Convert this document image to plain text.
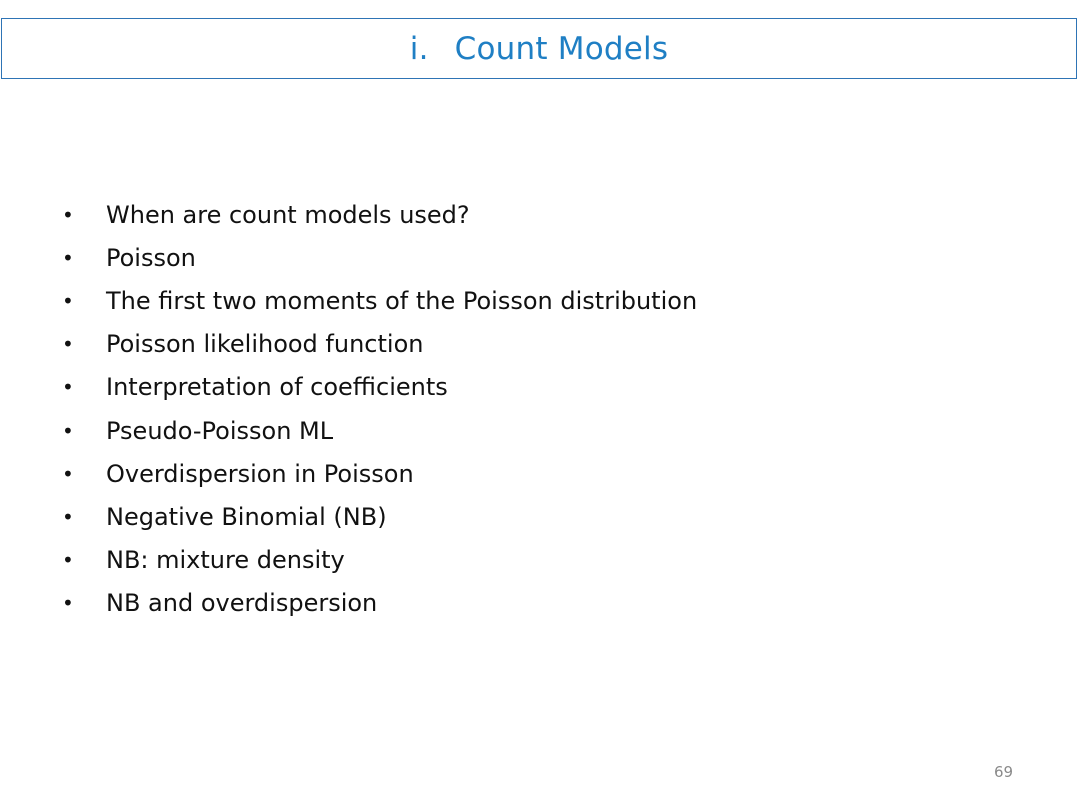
i. Count Models
•	When are count models used?
•	Poisson
•	The first two moments of the Poisson distribution
•	Poisson likelihood function
•	Interpretation of coefficients
•	Pseudo-Poisson ML
•	Overdispersion in Poisson
•	Negative Binomial (NB)
•	NB: mixture density
•	NB and overdispersion
69
